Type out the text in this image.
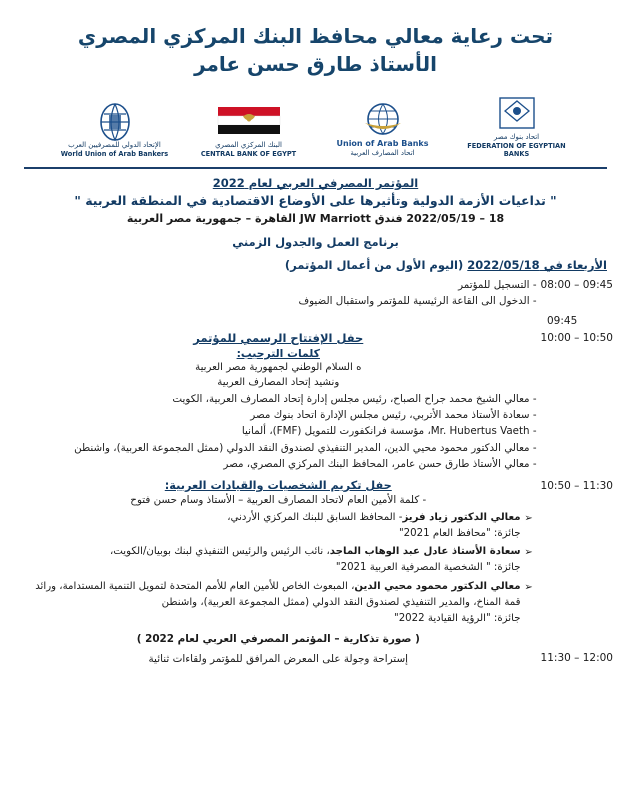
تحت رعاية معالي محافظ البنك المركزي المصري
الأستاذ طارق حسن عامر
الإتحاد الدولي للمصرفيين العرب
World Union of Arab Bankers
البنك المركزي المصري
CENTRAL BANK OF EGYPT
Union of Arab Banks
اتحاد المصارف العربية
اتحاد بنوك مصر
FEDERATION OF EGYPTIAN BANKS
المؤتمر المصرفي العربي لعام 2022
" تداعيات الأزمة الدولية وتأثيرها على الأوضاع الاقتصادية في المنطقة العربية "
18 – 2022/05/19 فندق JW Marriott القاهرة – جمهورية مصر العربية
برنامج العمل والجدول الزمني
الأربعاء في 2022/05/18 (اليوم الأول من أعمال المؤتمر)
08:00 – 09:45
- التسجيل للمؤتمر
- الدخول الى القاعة الرئيسية للمؤتمر واستقبال الضيوف
09:45
10:00 – 10:50
حفل الإفتتاح الرسمي للمؤتمر
كلمات الترحيب:
ه السلام الوطني لجمهورية مصر العربية
ونشيد إتحاد المصارف العربية
- معالي الشيخ محمد جراح الصباح، رئيس مجلس إدارة إتحاد المصارف العربية، الكويت
- سعادة الأستاذ محمد الأتربي، رئيس مجلس الإدارة اتحاد بنوك مصر
- Mr. Hubertus Vaeth، مؤسسة فرانكفورت للتمويل (FMF)، ألمانيا
- معالي الدكتور محمود محيي الدين، المدير التنفيذي لصندوق النقد الدولي (ممثل المجموعة العربية)، واشنطن
- معالي الأستاذ طارق حسن عامر، المحافظ البنك المركزي المصري، مصر
10:50 – 11:30
حفل تكريم الشخصيات والقيادات العربية:
- كلمة الأمين العام لاتحاد المصارف العربية – الأستاذ وسام حسن فتوح
➢
معالي الدكتور زياد فريز- المحافظ السابق للبنك المركزي الأردني،
جائزة: "محافظ العام 2021"
➢
سعادة الأستاذ عادل عبد الوهاب الماجد، نائب الرئيس والرئيس التنفيذي لبنك بوبيان/الكويت،
جائزة: " الشخصية المصرفية العربية 2021"
➢
معالي الدكتور محمود محيي الدين، المبعوث الخاص للأمين العام للأمم المتحدة لتمويل التنمية المستدامة، ورائد قمة المناخ، والمدير التنفيذي لصندوق النقد الدولي (ممثل المجموعة العربية)، واشنطن
جائزة: "الرؤية القيادية 2022"
( صورة تذكارية – المؤتمر المصرفي العربي لعام 2022 )
11:30 – 12:00
إستراحة وجولة على المعرض المرافق للمؤتمر ولقاءات ثنائية
